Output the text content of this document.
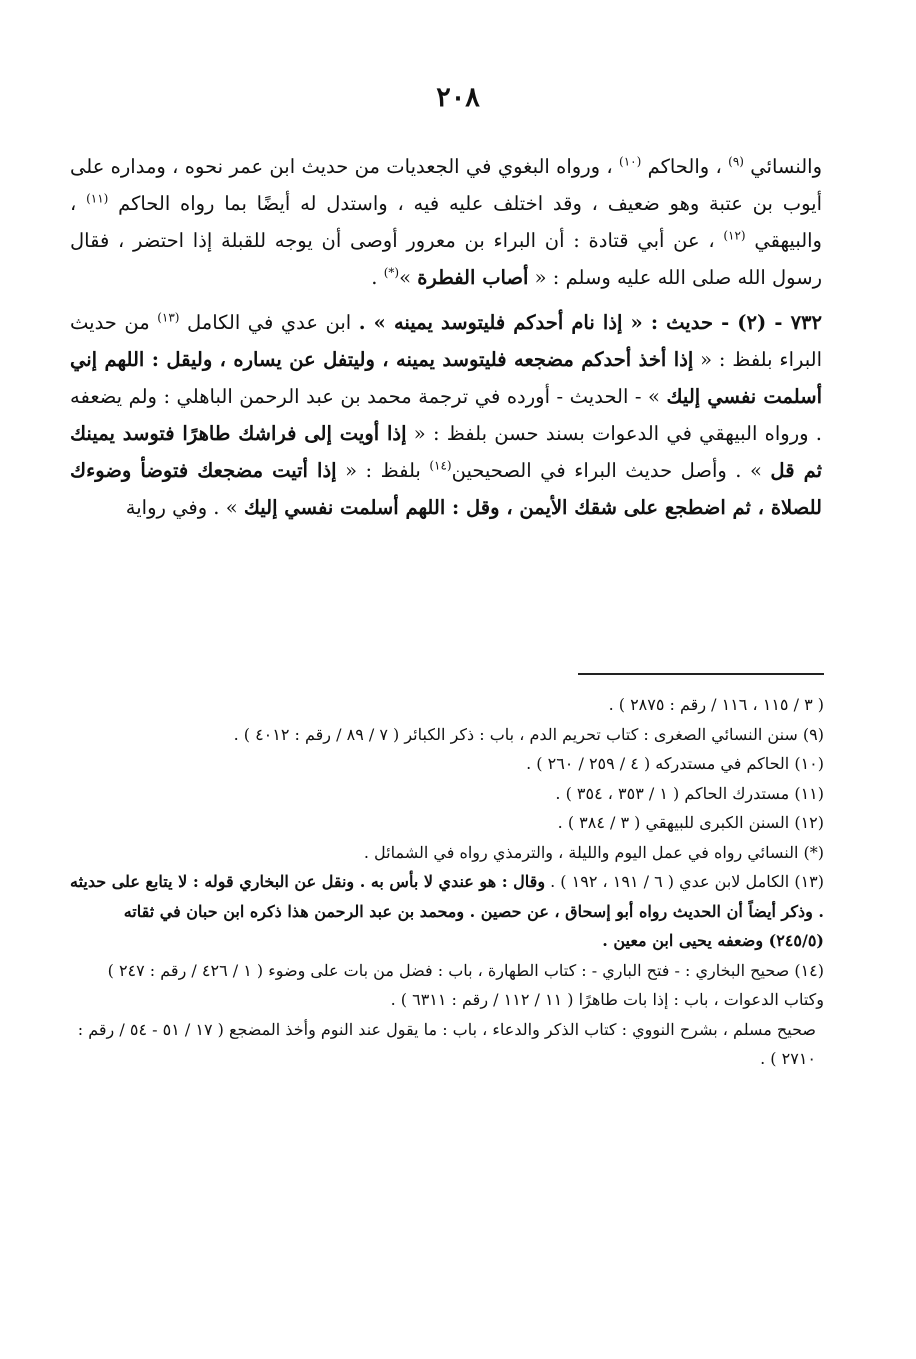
٢٠٨

والنسائي $^{(٩)}$ ، والحاكم $^{(١٠)}$ ، ورواه البغوي في الجعديات من حديث ابن عمر نحوه ، ومداره على أيوب بن عتبة وهو ضعيف ، وقد اختلف عليه فيه ، واستدل له أيضًا بما رواه الحاكم $^{(١١)}$ ، والبيهقي $^{(١٢)}$ ، عن أبي قتادة : أن البراء بن معرور أوصى أن يوجه للقبلة إذا احتضر ، فقال رسول الله صلى الله عليه وسلم : « أصاب الفطرة »(*) .

٧٣٢ - (٢) - حديث : « إذا نام أحدكم فليتوسد يمينه » . ابن عدي في الكامل $^{(١٣)}$ من حديث البراء بلفظ : « إذا أخذ أحدكم مضجعه فليتوسد يمينه ، وليتفل عن يساره ، وليقل : اللهم إني أسلمت نفسي إليك » - الحديث - أورده في ترجمة محمد بن عبد الرحمن الباهلي : ولم يضعفه . ورواه البيهقي في الدعوات بسند حسن بلفظ : « إذا أويت إلى فراشك طاهرًا فتوسد يمينك ثم قل » . وأصل حديث البراء في الصحيحين$^{(١٤)}$ بلفظ : « إذا أتيت مضجعك فتوضأ وضوءك للصلاة ، ثم اضطجع على شقك الأيمن ، وقل : اللهم أسلمت نفسي إليك » . وفي رواية

( ٣ / ١١٥ ، ١١٦ / رقم : ٢٨٧٥ ) .

(٩) سنن النسائي الصغرى : كتاب تحريم الدم ، باب : ذكر الكبائر ( ٧ / ٨٩ / رقم : ٤٠١٢ ) .

(١٠) الحاكم في مستدركه ( ٤ / ٢٥٩ / ٢٦٠ ) .

(١١) مستدرك الحاكم ( ١ / ٣٥٣ ، ٣٥٤ ) .

(١٢) السنن الكبرى للبيهقي ( ٣ / ٣٨٤ ) .

(*) النسائي رواه في عمل اليوم والليلة ، والترمذي رواه في الشمائل .

(١٣) الكامل لابن عدي ( ٦ / ١٩١ ، ١٩٢ ) . وقال : هو عندي لا بأس به . ونقل عن البخاري قوله : لا يتابع على حديثه . وذكر أيضاً أن الحديث رواه أبو إسحاق ، عن حصين . ومحمد بن عبد الرحمن هذا ذكره ابن حبان في ثقاته (٢٤٥/٥) وضعفه يحيى ابن معين .

(١٤) صحيح البخاري : - فتح الباري - : كتاب الطهارة ، باب : فضل من بات على وضوء ( ١ / ٤٢٦ / رقم : ٢٤٧ ) وكتاب الدعوات ، باب : إذا بات طاهرًا ( ١١ / ١١٢ / رقم : ٦٣١١ ) .

صحيح مسلم ، بشرح النووي : كتاب الذكر والدعاء ، باب : ما يقول عند النوم وأخذ المضجع ( ١٧ / ٥١ - ٥٤ / رقم : ٢٧١٠ ) .
